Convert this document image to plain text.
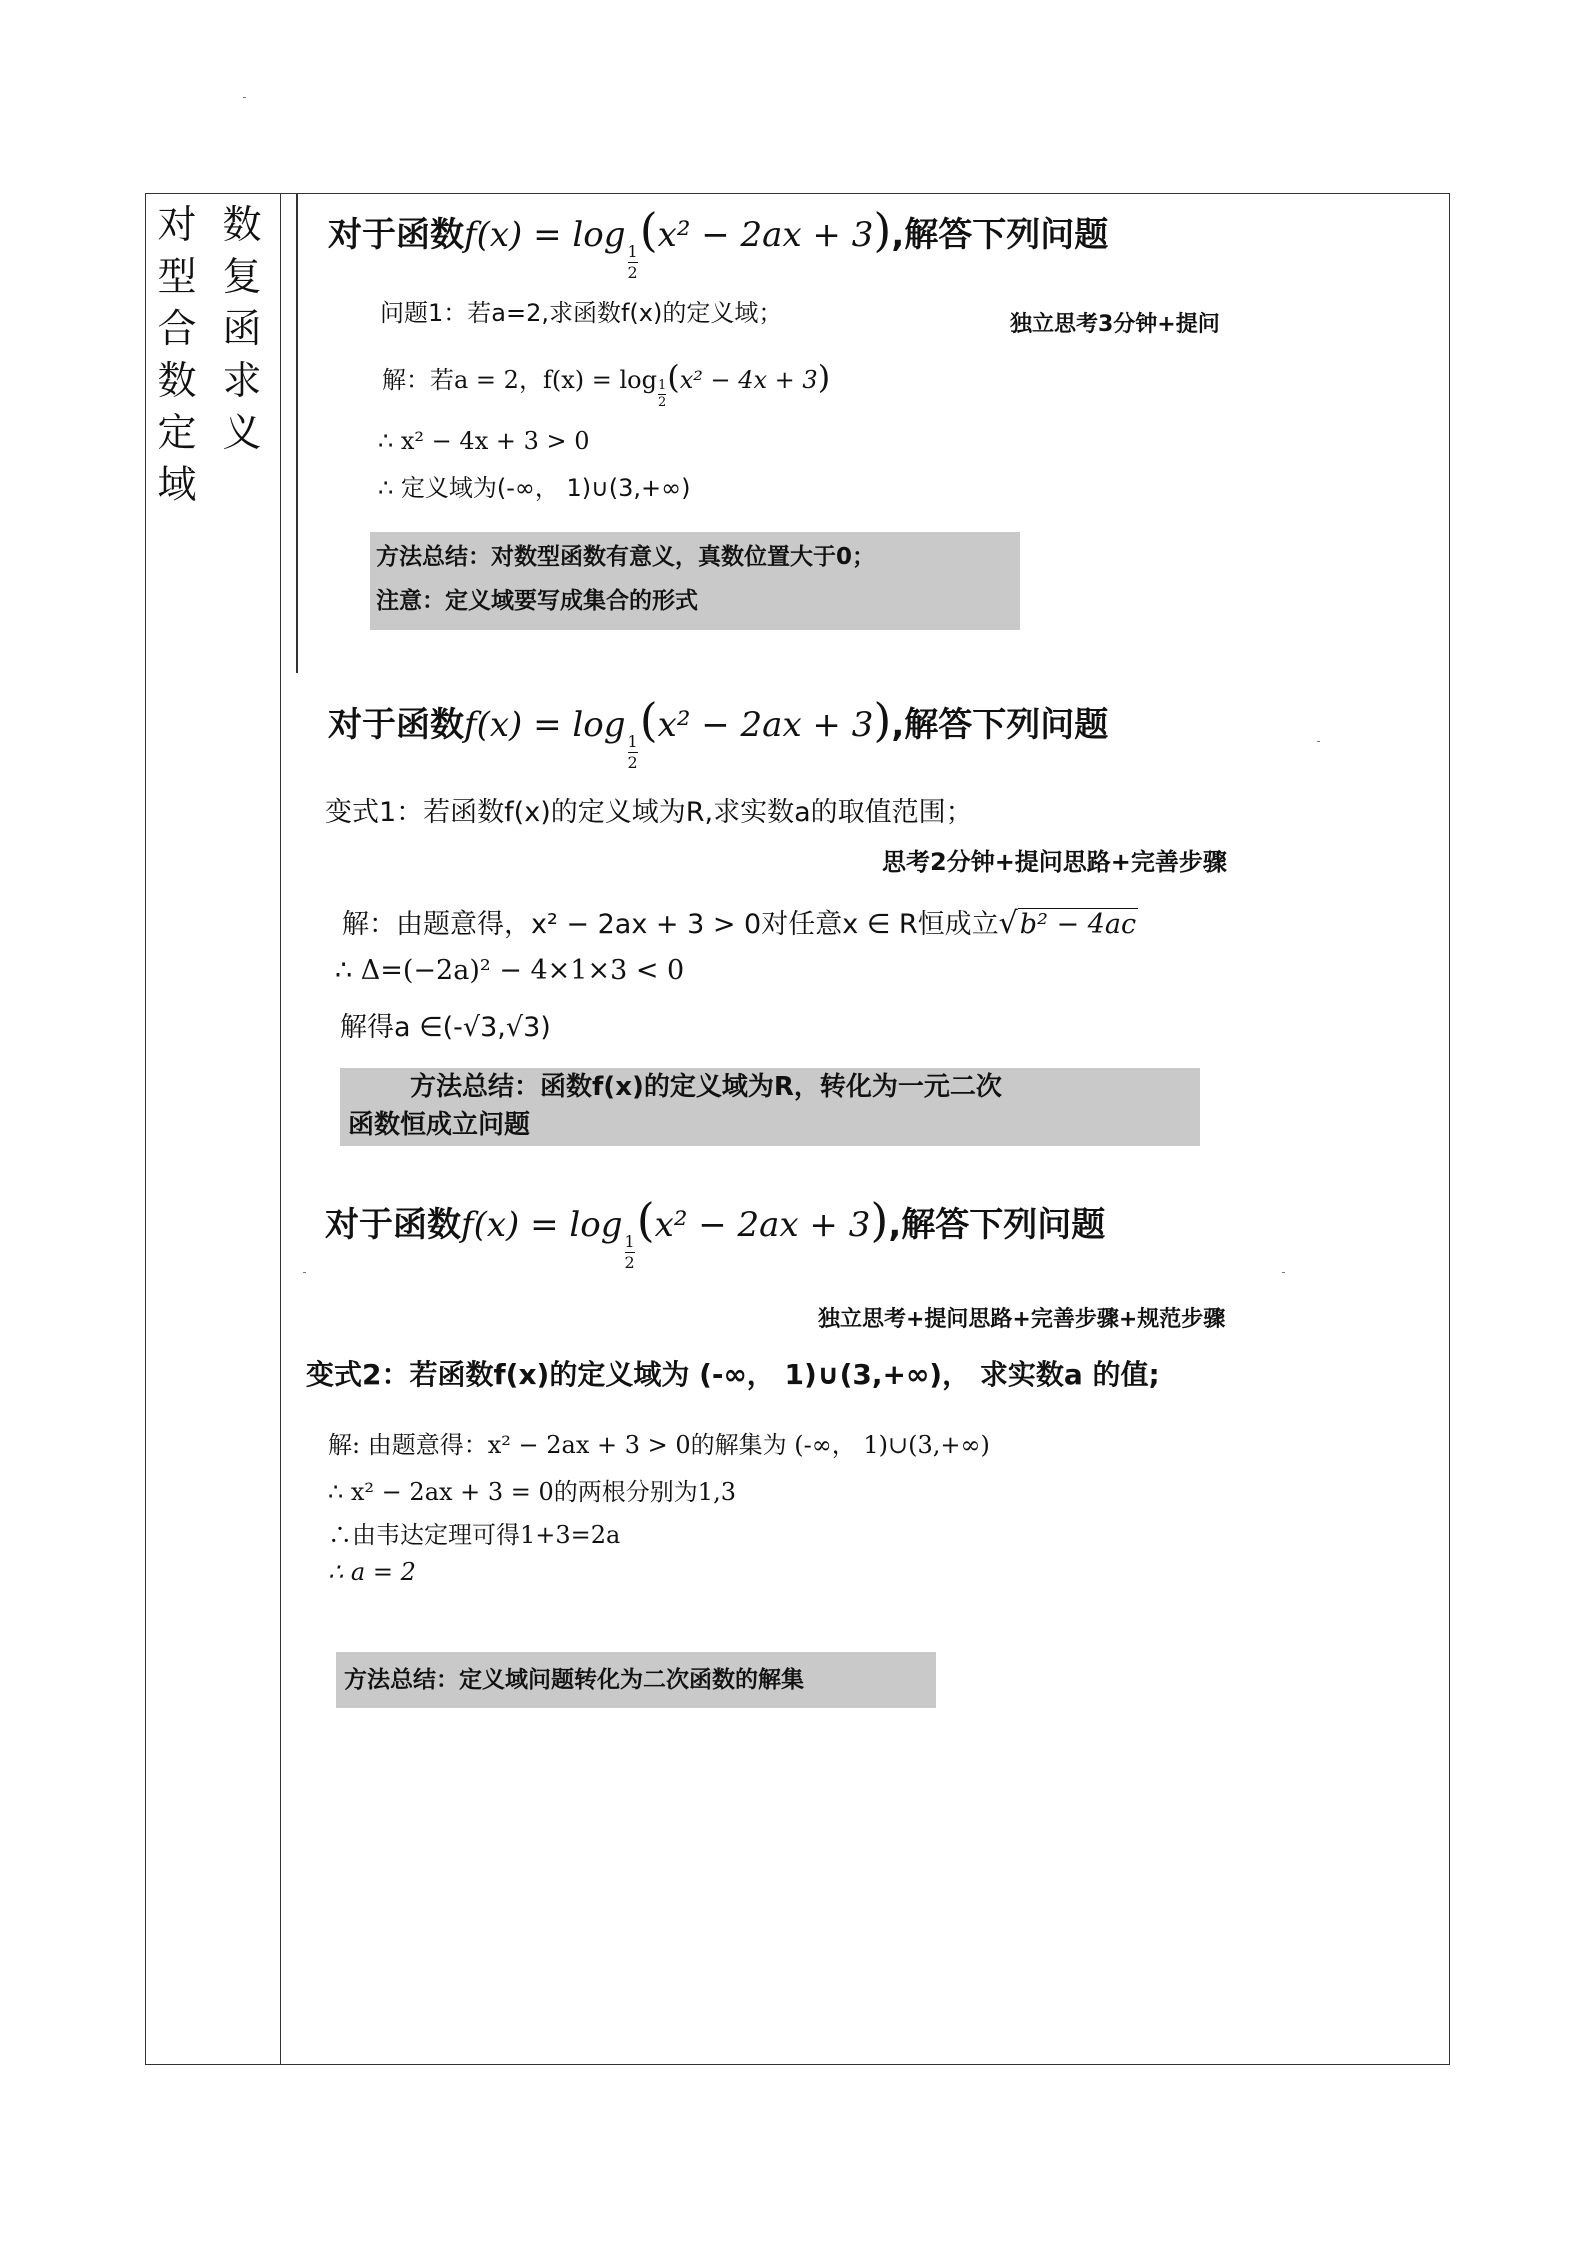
对
型
合
数
定
域
数
复
函
求
义
对于函数$f(x) = \log\frac{1}{2}(x^2 - 2ax + 3)$,解答下列问题
问题1：若a=2,求函数f(x)的定义域；	独立思考3分钟+提问
解：若a = 2，$f(x) = \log\frac{1}{2}(x^2 - 4x + 3)$
∴ x² − 4x + 3 > 0
∴ 定义域为(-∞， 1)∪(3,+∞)
方法总结：对数型函数有意义，真数位置大于0；
注意：定义域要写成集合的形式
对于函数$f(x) = \log\frac{1}{2}(x^2 - 2ax + 3)$,解答下列问题
变式1：若函数f(x)的定义域为R,求实数a的取值范围；
思考2分钟+提问思路+完善步骤
解：由题意得，x² − 2ax + 3 > 0对任意x ∈ R恒成立√b² − 4ac
∴ Δ=(−2a)² − 4×1×3 < 0
解得a ∈(-√3,√3)
方法总结：函数f(x)的定义域为R，转化为一元二次
函数恒成立问题
对于函数$f(x) = \log\frac{1}{2}(x^2 - 2ax + 3)$,解答下列问题
独立思考+提问思路+完善步骤+规范步骤
变式2：若函数f(x)的定义域为 (-∞， 1)∪(3,+∞)， 求实数a 的值;
解: 由题意得：x² − 2ax + 3 > 0的解集为 (-∞， 1)∪(3,+∞)
∴ x² − 2ax + 3 = 0的两根分别为1,3
∴由韦达定理可得1+3=2a
∴ a = 2
方法总结：定义域问题转化为二次函数的解集
